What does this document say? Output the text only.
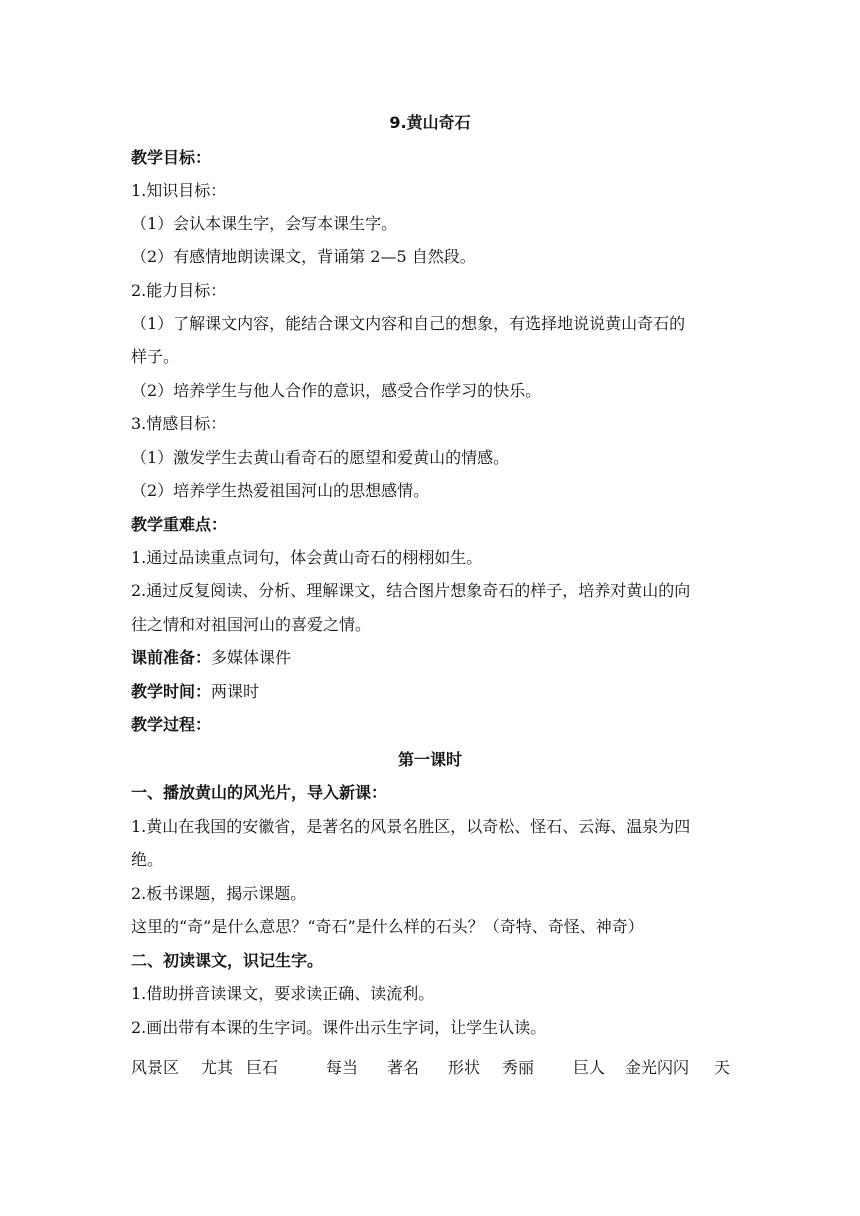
9.黄山奇石
教学目标：
1.知识目标：
（1）会认本课生字，会写本课生字。
（2）有感情地朗读课文，背诵第 2—5 自然段。
2.能力目标：
（1）了解课文内容，能结合课文内容和自己的想象，有选择地说说黄山奇石的
样子。
（2）培养学生与他人合作的意识，感受合作学习的快乐。
3.情感目标：
（1）激发学生去黄山看奇石的愿望和爱黄山的情感。
（2）培养学生热爱祖国河山的思想感情。
教学重难点：
1.通过品读重点词句，体会黄山奇石的栩栩如生。
2.通过反复阅读、分析、理解课文，结合图片想象奇石的样子，培养对黄山的向
往之情和对祖国河山的喜爱之情。
课前准备：多媒体课件
教学时间：两课时
教学过程：
第一课时
一、播放黄山的风光片，导入新课：
1.黄山在我国的安徽省，是著名的风景名胜区，以奇松、怪石、云海、温泉为四
绝。
2.板书课题，揭示课题。
这里的“奇”是什么意思？“奇石”是什么样的石头？（奇特、奇怪、神奇）
二、初读课文，识记生字。
1.借助拼音读课文，要求读正确、读流利。
2.画出带有本课的生字词。课件出示生字词，让学生认读。
风景区 尤其 巨石	每当 著名 形状 秀丽 巨人 金光闪闪 天
